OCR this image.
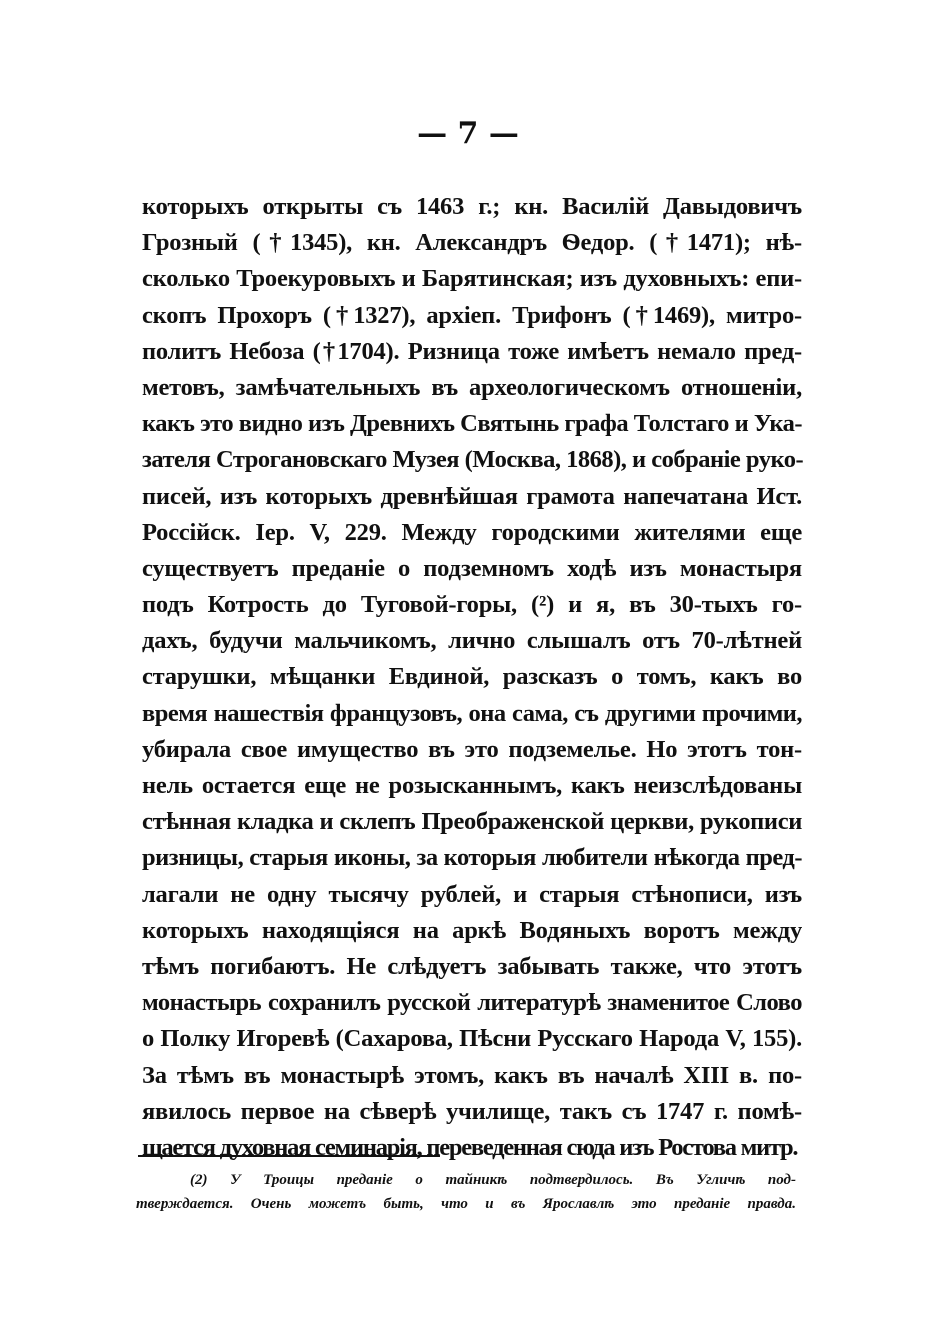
— 7 —
которыхъ открыты съ 1463 г.; кн. Василій Давыдовичъ
Грозный (†1345), кн. Александръ Ѳедор. (†1471); нѣ-
сколько Троекуровыхъ и Барятинская; изъ духовныхъ: епи-
скопъ Прохоръ (†1327), архіеп. Трифонъ (†1469), митро-
политъ Небоза (†1704). Ризница тоже имѣетъ немало пред-
метовъ, замѣчательныхъ въ археологическомъ отношеніи,
какъ это видно изъ Древнихъ Святынь графа Толстаго и Ука-
зателя Строгановскаго Музея (Москва, 1868), и собраніе руко-
писей, изъ которыхъ древнѣйшая грамота напечатана Ист.
Россійск. Іер. V, 229. Между городскими жителями еще
существуетъ преданіе о подземномъ ходѣ изъ монастыря
подъ Котрость до Туговой-горы, (²) и я, въ 30-тыхъ го-
дахъ, будучи мальчикомъ, лично слышалъ отъ 70-лѣтней
старушки, мѣщанки Евдиной, разсказъ о томъ, какъ во
время нашествія французовъ, она сама, съ другими прочими,
убирала свое имущество въ это подземелье. Но этотъ тон-
нель остается еще не розысканнымъ, какъ неизслѣдованы
стѣнная кладка и склепъ Преображенской церкви, рукописи
ризницы, старыя иконы, за которыя любители нѣкогда пред-
лагали не одну тысячу рублей, и старыя стѣнописи, изъ
которыхъ находящіяся на аркѣ Водяныхъ воротъ между
тѣмъ погибаютъ. Не слѣдуетъ забывать также, что этотъ
монастырь сохранилъ русской литературѣ знаменитое Слово
о Полку Игоревѣ (Сахарова, Пѣсни Русскаго Народа V, 155).
За тѣмъ въ монастырѣ этомъ, какъ въ началѣ XIII в. по-
явилось первое на сѣверѣ училище, такъ съ 1747 г. помѣ-
щается духовная семинарія, переведенная сюда изъ Ростова митр.
(2) У Троицы преданіе о тайникѣ подтвердилось. Въ Угличѣ под-
тверждается. Очень можетъ быть, что и въ Ярославлѣ это преданіе правда.
